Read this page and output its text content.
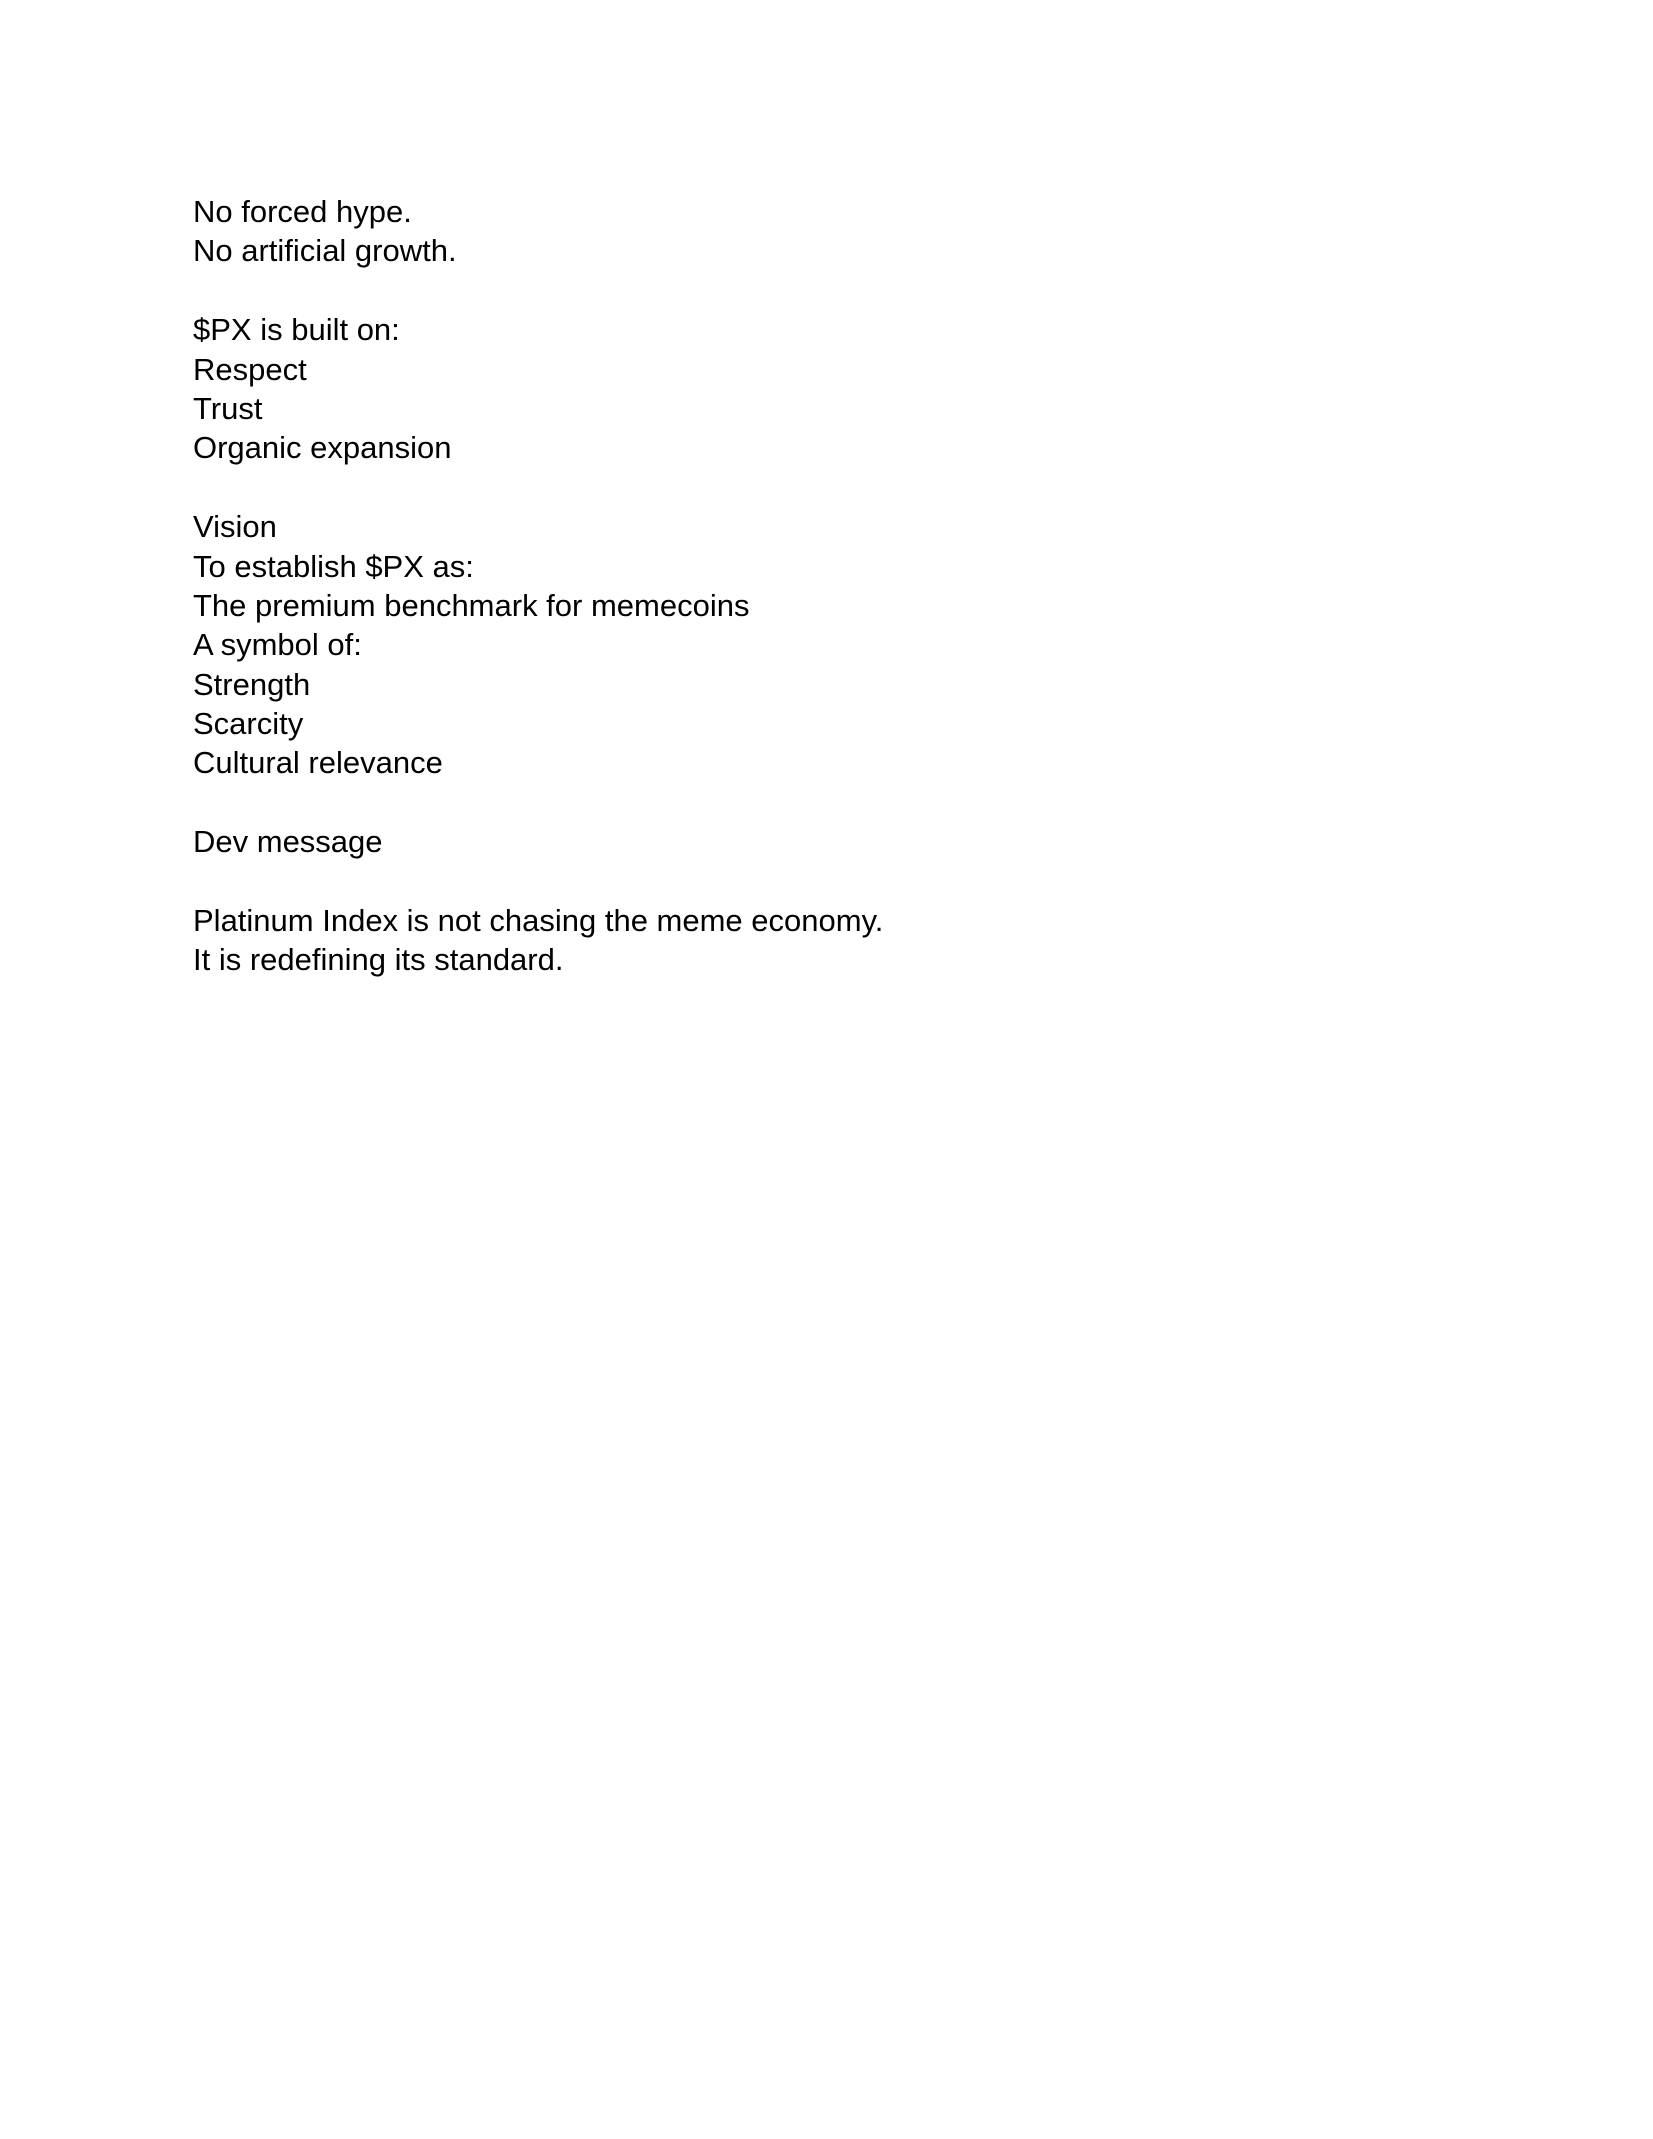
No forced hype.

No artificial growth.

$PX is built on:

Respect

Trust

Organic expansion

Vision

To establish $PX as:

The premium benchmark for memecoins

A symbol of:

Strength

Scarcity

Cultural relevance

Dev message

Platinum Index is not chasing the meme economy.

It is redefining its standard.
